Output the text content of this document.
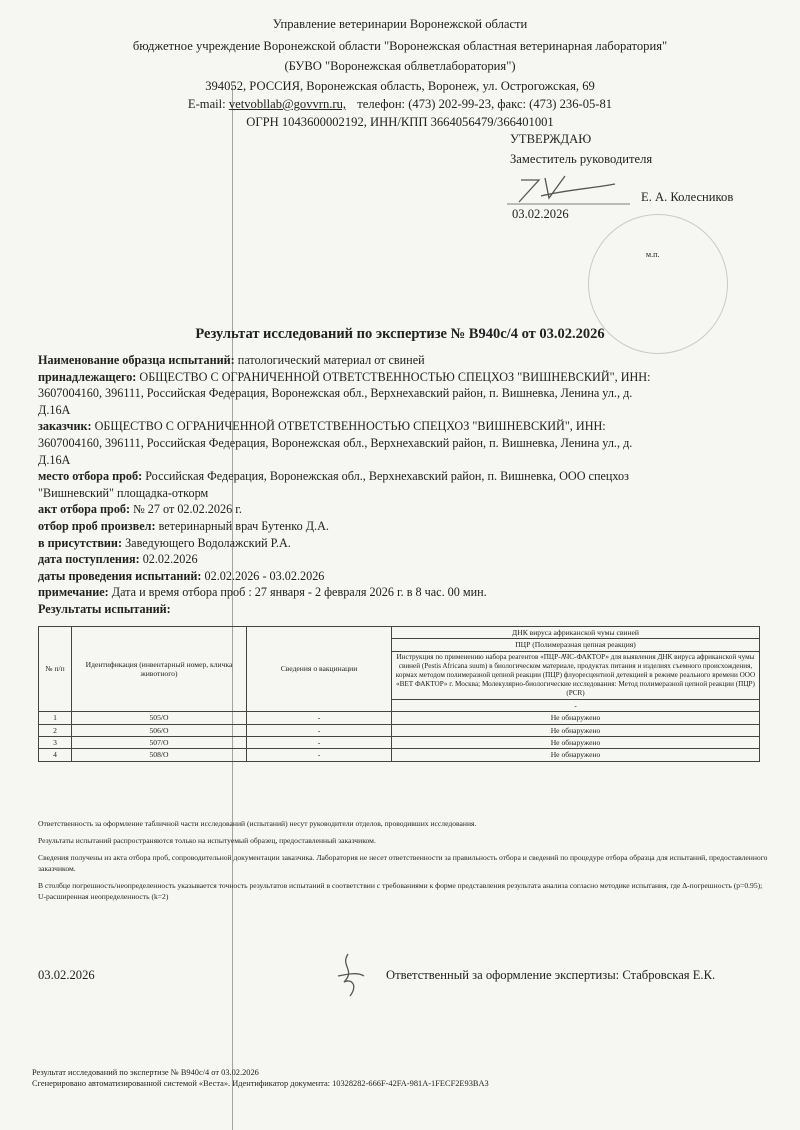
Управление ветеринарии Воронежской области
бюджетное учреждение Воронежской области "Воронежская областная ветеринарная лаборатория"
(БУВО "Воронежская облветлаборатория")
394052, РОССИЯ, Воронежская область, Воронеж, ул. Острогожская, 69
E-mail: vetvobllab@govvrn.ru, телефон: (473) 202-99-23, факс: (473) 236-05-81
ОГРН 1043600002192, ИНН/КПП 3664056479/366401001
УТВЕРЖДАЮ
Заместитель руководителя
Е. А. Колесников
03.02.2026
м.п.
Результат исследований по экспертизе № B940с/4 от 03.02.2026
Наименование образца испытаний: патологический материал от свиней
принадлежащего: ОБЩЕСТВО С ОГРАНИЧЕННОЙ ОТВЕТСТВЕННОСТЬЮ СПЕЦХОЗ "ВИШНЕВСКИЙ", ИНН:
3607004160, 396111, Российская Федерация, Воронежская обл., Верхнехавский район, п. Вишневка, Ленина ул., д.
Д.16А
заказчик: ОБЩЕСТВО С ОГРАНИЧЕННОЙ ОТВЕТСТВЕННОСТЬЮ СПЕЦХОЗ "ВИШНЕВСКИЙ", ИНН:
3607004160, 396111, Российская Федерация, Воронежская обл., Верхнехавский район, п. Вишневка, Ленина ул., д.
Д.16А
место отбора проб: Российская Федерация, Воронежская обл., Верхнехавский район, п. Вишневка, ООО спецхоз
"Вишневский" площадка-откорм
акт отбора проб: № 27 от 02.02.2026 г.
отбор проб произвел: ветеринарный врач Бутенко Д.А.
в присутствии: Заведующего Водолажский Р.А.
дата поступления: 02.02.2026
даты проведения испытаний: 02.02.2026 - 03.02.2026
примечание: Дата и время отбора проб : 27 января - 2 февраля 2026 г. в 8 час. 00 мин.
Результаты испытаний:
№ п/п	Идентификация (инвентарный номер, кличка животного)	Сведения о вакцинации	ДНК вируса африканской чумы свиней
			ПЦР (Полимеразная цепная реакция)
			Инструкция по применению набора реагентов «ПЦР-АЧС-ФАКТОР» для выявления ДНК вируса африканской чумы свиней (Pestis Africana suum) в биологическом материале, продуктах питания и изделиях съемного происхождения, кормах методом полимеразной цепной реакции (ПЦР) флуоресцентной детекцией в режиме реального времени ООО «ВЕТ ФАКТОР» г. Москва; Молекулярно-биологические исследования: Метод полимеразной цепной реакции (ПЦР) (PCR)
			-
1	505/О	-	Не обнаружено
2	506/О	-	Не обнаружено
3	507/О	-	Не обнаружено
4	508/О	-	Не обнаружено

Ответственность за оформление табличной части исследований (испытаний) несут руководители отделов, проводивших исследования.

Результаты испытаний распространяются только на испытуемый образец, предоставленный заказчиком.

Сведения получены из акта отбора проб, сопроводительной документации заказчика. Лаборатория не несет ответственности за правильность отбора и сведений по процедуре отбора образца для испытаний, предоставленного заказчиком.

В столбце погрешность/неопределенность указывается точность результатов испытаний в соответствии с требованиями к форме представления результата анализа согласно методике испытания, где Δ-погрешность (р=0.95); U-расширенная неопределенность (k=2)

03.02.2026	Ответственный за оформление экспертизы: Стабровская Е.К.
Результат исследований по экспертизе № B940с/4 от 03.02.2026
Сгенерировано автоматизированной системой «Веста». Идентификатор документа: 10328282-666F-42FA-981A-1FECF2E93BA3
